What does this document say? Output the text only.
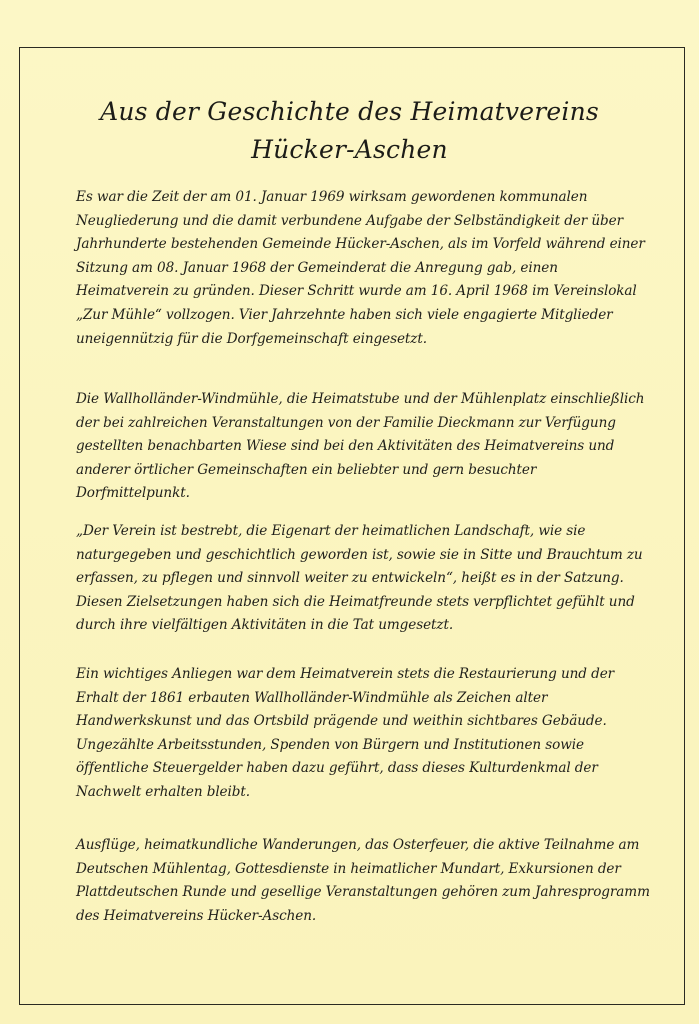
Aus der Geschichte des Heimatvereins
Hücker-Aschen

Es war die Zeit der am 01. Januar 1969 wirksam gewordenen kommunalen Neugliederung und die damit verbundene Aufgabe der Selbständigkeit der über Jahrhunderte bestehenden Gemeinde Hücker-Aschen, als im Vorfeld während einer Sitzung am 08. Januar 1968 der Gemeinderat die Anregung gab, einen Heimatverein zu gründen. Dieser Schritt wurde am 16. April 1968 im Vereinslokal „Zur Mühle“ vollzogen. Vier Jahrzehnte haben sich viele engagierte Mitglieder uneigennützig für die Dorfgemeinschaft eingesetzt.

Die Wallholländer-Windmühle, die Heimatstube und der Mühlenplatz einschließlich der bei zahlreichen Veranstaltungen von der Familie Dieckmann zur Verfügung gestellten benachbarten Wiese sind bei den Aktivitäten des Heimatvereins und anderer örtlicher Gemeinschaften ein beliebter und gern besuchter Dorfmittelpunkt.

„Der Verein ist bestrebt, die Eigenart der heimatlichen Landschaft, wie sie naturgegeben und geschichtlich geworden ist, sowie sie in Sitte und Brauchtum zu erfassen, zu pflegen und sinnvoll weiter zu entwickeln“, heißt es in der Satzung. Diesen Zielsetzungen haben sich die Heimatfreunde stets verpflichtet gefühlt und durch ihre vielfältigen Aktivitäten in die Tat umgesetzt.

Ein wichtiges Anliegen war dem Heimatverein stets die Restaurierung und der Erhalt der 1861 erbauten Wallholländer-Windmühle als Zeichen alter Handwerkskunst und das Ortsbild prägende und weithin sichtbares Gebäude. Ungezählte Arbeitsstunden, Spenden von Bürgern und Institutionen sowie öffentliche Steuergelder haben dazu geführt, dass dieses Kulturdenkmal der Nachwelt erhalten bleibt.

Ausflüge, heimatkundliche Wanderungen, das Osterfeuer, die aktive Teilnahme am Deutschen Mühlentag, Gottesdienste in heimatlicher Mundart, Exkursionen der Plattdeutschen Runde und gesellige Veranstaltungen gehören zum Jahresprogramm des Heimatvereins Hücker-Aschen.
